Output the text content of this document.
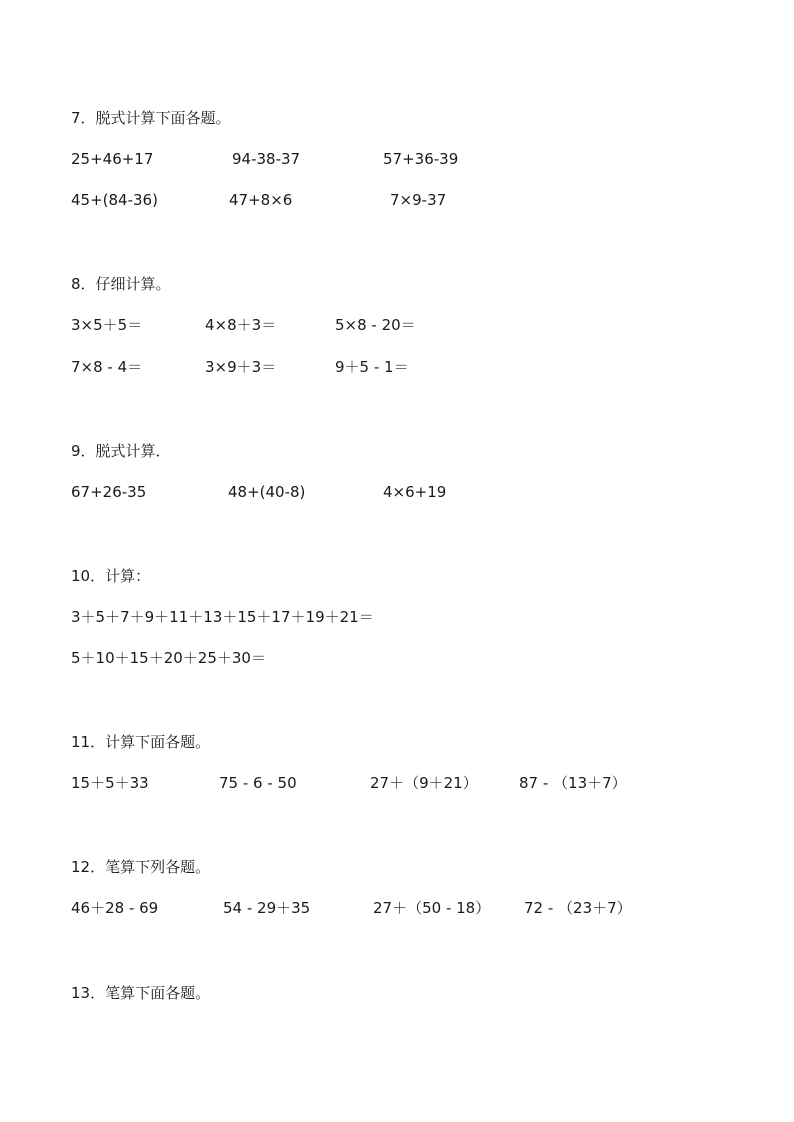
7．脱式计算下面各题。
25+46+17	94-38-37	57+36-39
45+(84-36)	47+8×6	7×9-37
8．仔细计算。
3×5＋5＝	4×8＋3＝	5×8 - 20＝
7×8 - 4＝	3×9＋3＝	9＋5 - 1＝
9．脱式计算．
67+26-35	48+(40-8)	4×6+19
10．计算：
3＋5＋7＋9＋11＋13＋15＋17＋19＋21＝
5＋10＋15＋20＋25＋30＝
11．计算下面各题。
15＋5＋33	75 - 6 - 50	27＋（9＋21）	87 - （13＋7）
12．笔算下列各题。
46＋28 - 69	54 - 29＋35	27＋（50 - 18） 72 - （23＋7）
13．笔算下面各题。
